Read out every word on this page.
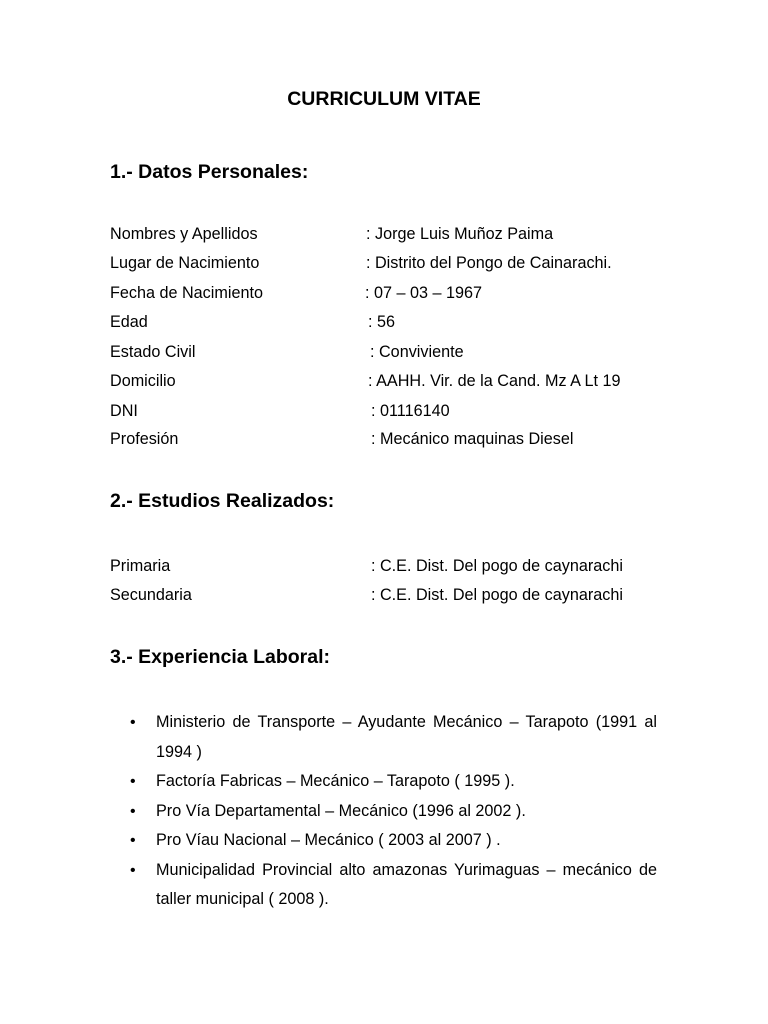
CURRICULUM VITAE
1.- Datos Personales:
Nombres y Apellidos	: Jorge Luis Muñoz Paima
Lugar de Nacimiento	: Distrito del Pongo de Cainarachi.
Fecha de Nacimiento	: 07 – 03 – 1967
Edad	: 56
Estado Civil	: Conviviente
Domicilio	: AAHH. Vir. de la Cand. Mz A Lt 19
DNI	: 01116140
Profesión	: Mecánico maquinas Diesel
2.- Estudios Realizados:
Primaria	: C.E. Dist. Del pogo de caynarachi
Secundaria	: C.E. Dist. Del pogo de caynarachi
3.- Experiencia Laboral:
• Ministerio de Transporte – Ayudante Mecánico – Tarapoto (1991 al 1994 )
• Factoría Fabricas – Mecánico – Tarapoto ( 1995 ).
• Pro Vía Departamental – Mecánico (1996 al 2002 ).
• Pro Víau Nacional – Mecánico ( 2003 al 2007 ) .
• Municipalidad Provincial alto amazonas Yurimaguas – mecánico de taller municipal ( 2008 ).
